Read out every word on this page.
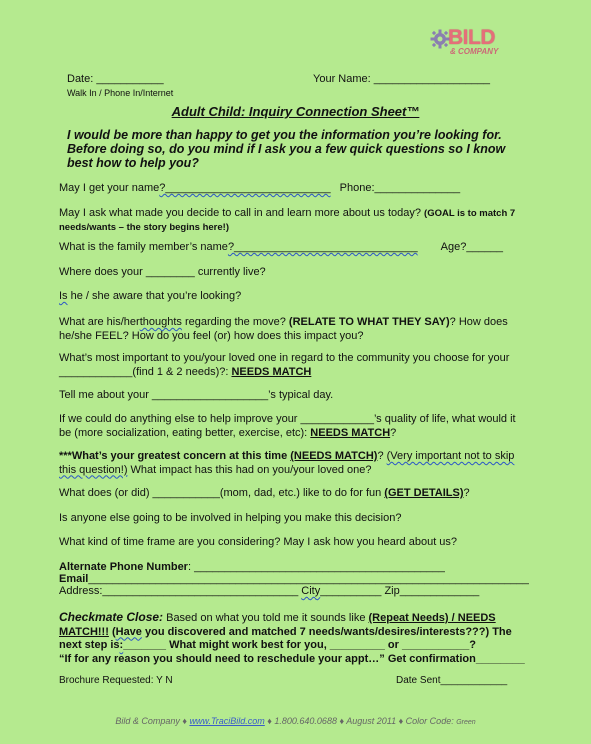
BILD
& COMPANY
Date: ___________
Walk In / Phone In/Internet
Your Name: ___________________
Adult Child: Inquiry Connection Sheet™
I would be more than happy to get you the information you’re looking for. Before doing so, do you mind if I ask you a few quick questions so I know best how to help you?
May I get your name?___________________________ Phone:______________
May I ask what made you decide to call in and learn more about us today? (GOAL is to match 7 needs/wants – the story begins here!)
What is the family member’s name?______________________________ Age?______
Where does your ________ currently live?
Is he / she aware that you’re looking?
What are his/herthoughts regarding the move? (RELATE TO WHAT THEY SAY)? How does he/she FEEL? How do you feel (or) how does this impact you?
What’s most important to you/your loved one in regard to the community you choose for your ____________(find 1 & 2 needs)?: NEEDS MATCH
Tell me about your ___________________’s typical day.
If we could do anything else to help improve your ____________’s quality of life, what would it be (more socialization, eating better, exercise, etc): NEEDS MATCH?
***What’s your greatest concern at this time (NEEDS MATCH)? (Very important not to skip this question!) What impact has this had on you/your loved one?
What does (or did) ___________(mom, dad, etc.) like to do for fun (GET DETAILS)?
Is anyone else going to be involved in helping you make this decision?
What kind of time frame are you considering? May I ask how you heard about us?
Alternate Phone Number: _________________________________________
Email________________________________________________________________________
Address:________________________________ City__________ Zip_____________
Checkmate Close: Based on what you told me it sounds like (Repeat Needs) / NEEDS MATCH!!! (Have you discovered and matched 7 needs/wants/desires/interests???) The next step is:_______ What might work best for you, _________ or ___________?
“If for any reason you should need to reschedule your appt…” Get confirmation________
Brochure Requested: Y N	Date Sent____________
Bild & Company ♦ www.TraciBild.com ♦ 1.800.640.0688 ♦ August 2011 ♦ Color Code: Green
